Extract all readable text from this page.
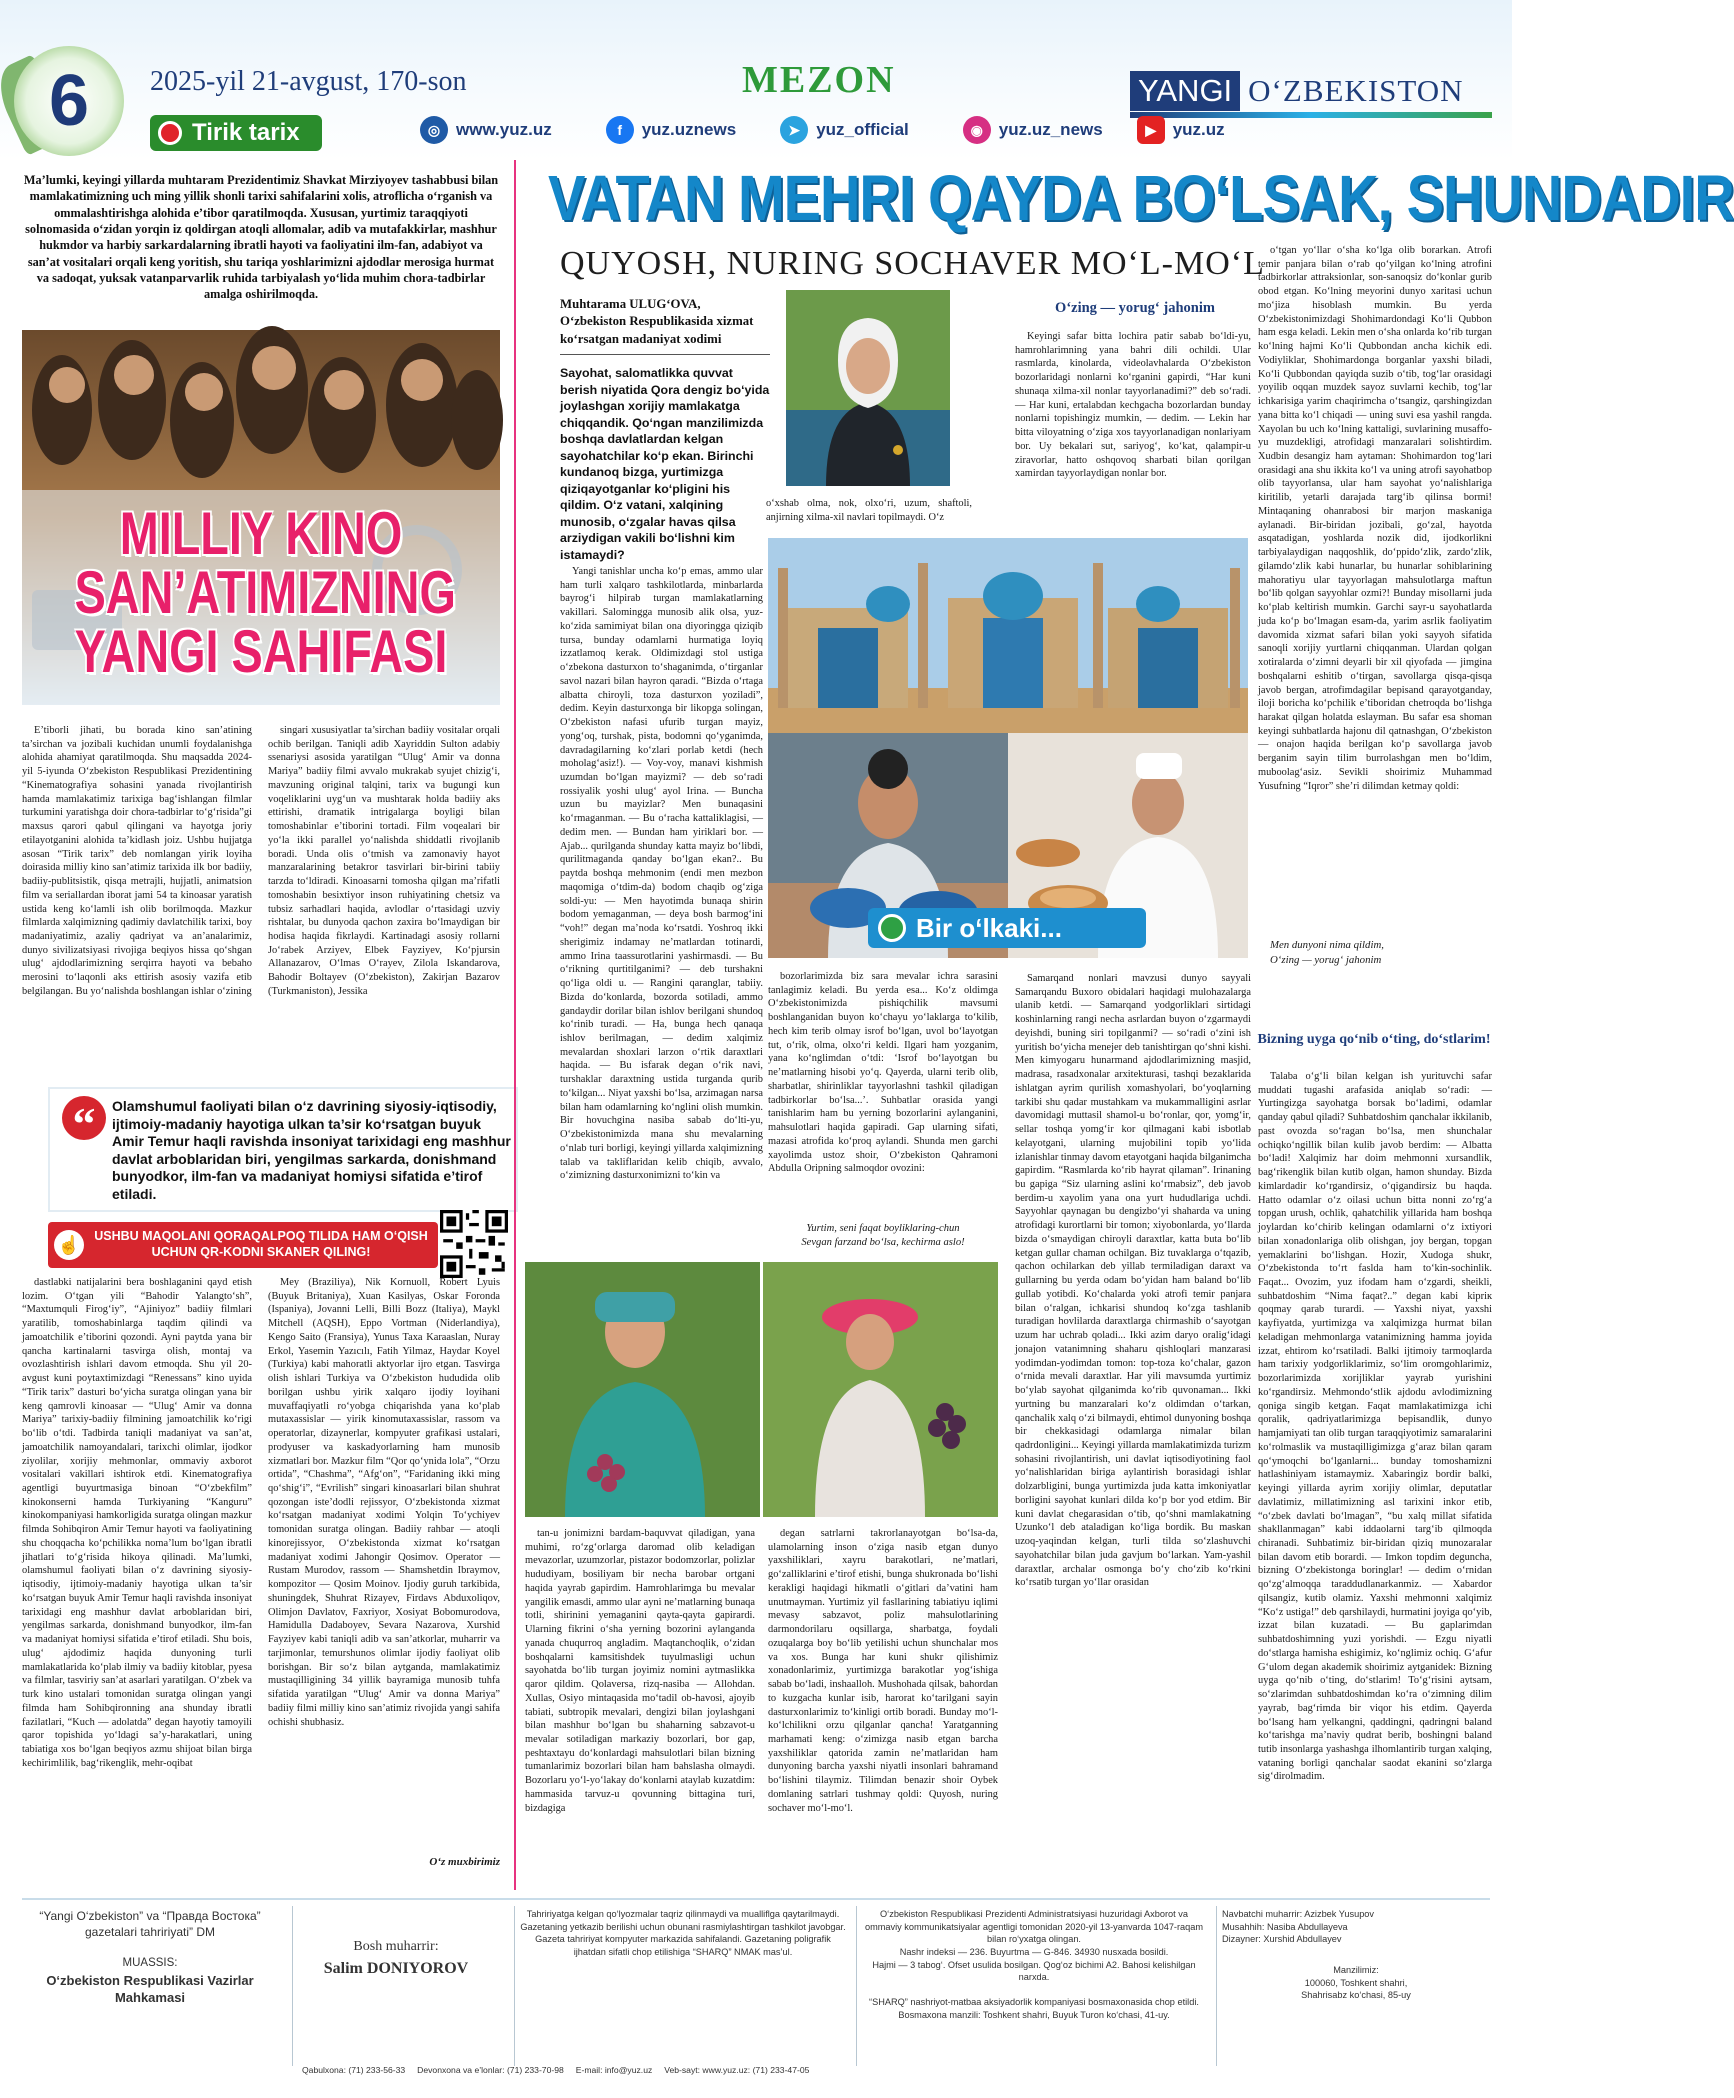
6	2025-yil 21-avgust, 170-son
Tirik tarix
MEZON	YANGI O‘ZBEKISTON
◎ www.yuz.uz	f	yuz.uznews	➤ yuz_official	◉ yuz.uz_news	▶ yuz.uz
VATAN MEHRI QAYDA BO‘LSAK, SHUNDADIR
Ma’lumki, keyingi yillarda muhtaram Prezidentimiz Shavkat Mirziyoyev tashabbusi bilan mamlakatimizning uch ming yillik shonli tarixi sahifalarini xolis, atroflicha o‘rganish va ommalashtirishga alohida e’tibor qaratilmoqda. Xususan, yurtimiz taraqqiyoti solnomasida o‘zidan yorqin iz qoldirgan atoqli allomalar, adib va mutafakkirlar, mashhur hukmdor va harbiy sarkardalarning ibratli hayoti va faoliyatini ilm-fan, adabiyot va san’at vositalari orqali keng yoritish, shu tariqa yoshlarimizni ajdodlar merosiga hurmat va sadoqat, yuksak vatanparvarlik ruhida tarbiyalash yo‘lida muhim chora-tadbirlar amalga oshirilmoqda.
MILLIY KINO
SAN’ATIMIZNING
YANGI SAHIFASI

E’tiborli jihati, bu borada kino san’atining ta’sirchan va jozibali kuchidan unumli foydalanishga alohida ahamiyat qaratilmoqda. Shu maqsadda 2024-yil 5-iyunda O‘zbekiston Respublikasi Prezidentining “Kinematografiya sohasini yanada rivojlantirish hamda mamlakatimiz tarixiga bag‘ishlangan filmlar turkumini yaratishga doir chora-tadbirlar to‘g‘risida”gi maxsus qarori qabul qilingani va hayotga joriy etilayotganini alohida ta’kidlash joiz. Ushbu hujjatga asosan “Tirik tarix” deb nomlangan yirik loyiha doirasida milliy kino san’atimiz tarixida ilk bor badiiy, badiiy-publitsistik, qisqa metrajli, hujjatli, animatsion film va seriallardan iborat jami 54 ta kinoasar yaratish ustida keng ko‘lamli ish olib borilmoqda. Mazkur filmlarda xalqimizning qadimiy davlatchilik tarixi, boy madaniyatimiz, azaliy qadriyat va an’analarimiz, dunyo sivilizatsiyasi rivojiga beqiyos hissa qo‘shgan ulug‘ ajdodlarimizning serqirra hayoti va bebaho merosini to‘laqonli aks ettirish asosiy vazifa etib belgilangan. Bu yo‘nalishda boshlangan ishlar o‘zining

singari xususiyatlar ta’sirchan badiiy vositalar orqali ochib berilgan. Taniqli adib Xayriddin Sulton adabiy ssenariysi asosida yaratilgan “Ulug‘ Amir va donna Mariya” badiiy filmi avvalo mukrakab syujet chizig‘i, mavzuning original talqini, tarix va bugungi kun voqeliklarini uyg‘un va mushtarak holda badiiy aks ettirishi, dramatik intrigalarga boyligi bilan tomoshabinlar e’tiborini tortadi. Film voqealari bir yo‘la ikki parallel yo‘nalishda shiddatli rivojlanib boradi. Unda olis o‘tmish va zamonaviy hayot manzaralarining betakror tasvirlari bir-birini tabiiy tarzda to‘ldiradi. Kinoasarni tomosha qilgan ma’rifatli tomoshabin besixtiyor inson ruhiyatining chetsiz va tubsiz sarhadlari haqida, avlodlar o‘rtasidagi uzviy rishtalar, bu dunyoda qachon zaxira bo‘lmaydigan bir hodisa haqida fikrlaydi. Kartinadagi asosiy rollarni Jo‘rabek Arziyev, Elbek Fayziyev, Ko‘pjursin Allanazarov, O‘lmas O‘rayev, Zilola Iskandarova, Bahodir Boltayev (O‘zbekiston), Zakirjan Bazarov (Turkmaniston), Jessika

“	Olamshumul faoliyati bilan o‘z davrining siyosiy-iqtisodiy, ijtimoiy-madaniy hayotiga ulkan ta’sir ko‘rsatgan buyuk Amir Temur haqli ravishda insoniyat tarixidagi eng mashhur davlat arboblaridan biri, yengilmas sarkarda, donishmand bunyodkor, ilm-fan va madaniyat homiysi sifatida e’tirof etiladi.
USHBU MAQOLANI QORAQALPOQ TILIDA HAM O‘QISH UCHUN QR-KODNI SKANER QILING!
☝

dastlabki natijalarini bera boshlaganini qayd etish lozim. O‘tgan yili “Bahodir Yalangto‘sh”, “Maxtumquli Firog‘iy”, “Ajiniyoz” badiiy filmlari yaratilib, tomoshabinlarga taqdim qilindi va jamoatchilik e’tiborini qozondi. Ayni paytda yana bir qancha kartinalarni tasvirga olish, montaj va ovozlashtirish ishlari davom etmoqda. Shu yil 20-avgust kuni poytaxtimizdagi “Renessans” kino uyida “Tirik tarix” dasturi bo‘yicha suratga olingan yana bir keng qamrovli kinoasar — “Ulug‘ Amir va donna Mariya” tarixiy-badiiy filmining jamoatchilik ko‘rigi bo‘lib o‘tdi. Tadbirda taniqli madaniyat va san’at, jamoatchilik namoyandalari, tarixchi olimlar, ijodkor ziyolilar, xorijiy mehmonlar, ommaviy axborot vositalari vakillari ishtirok etdi. Kinematografiya agentligi buyurtmasiga binoan “O‘zbekfilm” kinokonserni hamda Turkiyaning “Kanguru” kinokompaniyasi hamkorligida suratga olingan mazkur filmda Sohibqiron Amir Temur hayoti va faoliyatining shu choqqacha ko‘pchilikka noma’lum bo‘lgan ibratli jihatlari to‘g‘risida hikoya qilinadi. Ma’lumki, olamshumul faoliyati bilan o‘z davrining siyosiy-iqtisodiy, ijtimoiy-madaniy hayotiga ulkan ta’sir ko‘rsatgan buyuk Amir Temur haqli ravishda insoniyat tarixidagi eng mashhur davlat arboblaridan biri, yengilmas sarkarda, donishmand bunyodkor, ilm-fan va madaniyat homiysi sifatida e’tirof etiladi. Shu bois, ulug‘ ajdodimiz haqida dunyoning turli mamlakatlarida ko‘plab ilmiy va badiiy kitoblar, pyesa va filmlar, tasviriy san’at asarlari yaratilgan. O‘zbek va turk kino ustalari tomonidan suratga olingan yangi filmda ham Sohibqironning ana shunday ibratli fazilatlari, “Kuch — adolatda” degan hayotiy tamoyili qaror topishida yo‘ldagi sa’y-harakatlari, uning tabiatiga xos bo‘lgan beqiyos azmu shijoat bilan birga kechirimlilik, bag‘rikenglik, mehr-oqibat

Mey (Braziliya), Nik Kornuoll, Robert Lyuis (Buyuk Britaniya), Xuan Kasilyas, Oskar Foronda (Ispaniya), Jovanni Lelli, Billi Bozz (Italiya), Maykl Mitchell (AQSH), Eppo Vortman (Niderlandiya), Kengo Saito (Fransiya), Yunus Taxa Karaaslan, Nuray Erkol, Yasemin Yazıcılı, Fatih Yilmaz, Haydar Koyel (Turkiya) kabi mahoratli aktyorlar ijro etgan. Tasvirga olish ishlari Turkiya va O‘zbekiston hududida olib borilgan ushbu yirik xalqaro ijodiy loyihani muvaffaqiyatli ro‘yobga chiqarishda yana ko‘plab mutaxassislar — yirik kinomutaxassislar, rassom va operatorlar, dizaynerlar, kompyuter grafikasi ustalari, prodyuser va kaskadyorlarning ham munosib xizmatlari bor. Mazkur film “Qor qo‘ynida lola”, “Orzu ortida”, “Chashma”, “Afg‘on”, “Faridaning ikki ming qo‘shig‘i”, “Evrilish” singari kinoasarlari bilan shuhrat qozongan iste’dodli rejissyor, O‘zbekistonda xizmat ko‘rsatgan madaniyat xodimi Yolqin To‘ychiyev tomonidan suratga olingan. Badiiy rahbar — atoqli kinorejissyor, O‘zbekistonda xizmat ko‘rsatgan madaniyat xodimi Jahongir Qosimov. Operator — Rustam Murodov, rassom — Shamshetdin Ibraymov, kompozitor — Qosim Moinov. Ijodiy guruh tarkibida, shuningdek, Shuhrat Rizayev, Firdavs Abduxoliqov, Olimjon Davlatov, Faxriyor, Xosiyat Bobomurodova, Hamidulla Dadaboyev, Sevara Nazarova, Xurshid Fayziyev kabi taniqli adib va san’atkorlar, muharrir va tarjimonlar, temurshunos olimlar ijodiy faoliyat olib borishgan. Bir so‘z bilan aytganda, mamlakatimiz mustaqilligining 34 yillik bayramiga munosib tuhfa sifatida yaratilgan “Ulug‘ Amir va donna Mariya” badiiy filmi milliy kino san’atimiz rivojida yangi sahifa ochishi shubhasiz.

O‘z muxbirimiz
QUYOSH, NURING SOCHAVER MO‘L-MO‘L
Muhtarama ULUG‘OVA,
O‘zbekiston Respublikasida xizmat ko‘rsatgan madaniyat xodimi
Sayohat, salomatlikka quvvat berish niyatida Qora dengiz bo‘yida joylashgan xorijiy mamlakatga chiqqandik. Qo‘ngan manzilimizda boshqa davlatlardan kelgan sayohatchilar ko‘p ekan. Birinchi kundanoq bizga, yurtimizga qiziqayotganlar ko‘pligini his qildim. O‘z vatani, xalqining munosib, o‘zgalar havas qilsa arziydigan vakili bo‘lishni kim istamaydi?
o‘xshab olma, nok, olxo‘ri, uzum, shaftoli, anjirning xilma-xil navlari topilmaydi. O‘z

Yangi tanishlar uncha ko‘p emas, ammo ular ham turli xalqaro tashkilotlarda, minbarlarda bayrog‘i hilpirab turgan mamlakatlarning vakillari. Salomingga munosib alik olsa, yuz-ko‘zida samimiyat bilan ona diyoringga qiziqib tursa, bunday odamlarni hurmatiga loyiq izzatlamoq kerak. Oldimizdagi stol ustiga o‘zbekona dasturxon to‘shaganimda, o‘tirganlar savol nazari bilan hayron qaradi. “Bizda o‘rtaga albatta chiroyli, toza dasturxon yoziladi”, dedim. Keyin dasturxonga bir likopga solingan, O‘zbekiston nafasi ufurib turgan mayiz, yong‘oq, turshak, pista, bodomni qo‘yganimda, davradagilarning ko‘zlari porlab ketdi (hech moholag‘asiz!). — Voy-voy, manavi kishmish uzumdan bo‘lgan mayizmi? — deb so‘radi rossiyalik yoshi ulug‘ ayol Irina. — Buncha uzun bu mayizlar? Men bunaqasini ko‘rmaganman. — Bu o‘racha kattaliklagisi, — dedim men. — Bundan ham yiriklari bor. — Ajab... qurilganda shunday katta mayiz bo‘libdi, qurilitmaganda qanday bo‘lgan ekan?.. Bu paytda boshqa mehmonim (endi men mezbon maqomiga o‘tdim-da) bodom chaqib og‘ziga soldi-yu: — Men hayotimda bunaqa shirin bodom yemaganman, — deya bosh barmog‘ini “voh!” degan ma’noda ko‘rsatdi. Yoshroq ikki sherigimiz indamay ne’matlardan totinardi, ammo Irina taassurotlarini yashirmasdi. — Bu o‘rikning qurtitilganimi? — deb turshakni qo‘liga oldi u. — Rangini qaranglar, tabiiy. Bizda do‘konlarda, bozorda sotiladi, ammo gandaydir dorilar bilan ishlov berilgani shundoq ko‘rinib turadi. — Ha, bunga hech qanaqa ishlov berilmagan, — dedim xalqimiz mevalardan shoxlari larzon o‘rtik daraxtlari haqida. — Bu isfarak degan o‘rik navi, turshaklar daraxtning ustida turganda qurib to‘kilgan... Niyat yaxshi bo‘lsa, arzimagan narsa bilan ham odamlarning ko‘nglini olish mumkin. Bir hovuchgina nasiba sabab do‘lti-yu, O‘zbekistonimizda mana shu mevalarning o‘nlab turi borligi, keyingi yillarda xalqimizning talab va takliflaridan kelib chiqib, avvalo, o‘zimizning dasturxonimizni to‘kin va

O‘zing — yorug‘ jahonim

Keyingi safar bitta lochira patir sabab bo‘ldi-yu, hamrohlarimning yana bahri dili ochildi. Ular rasmlarda, kinolarda, videolavhalarda O‘zbekiston bozorlaridagi nonlarni ko‘rganini gapirdi, “Har kuni shunaqa xilma-xil nonlar tayyorlanadimi?” deb so‘radi. — Har kuni, ertalabdan kechgacha bozorlardan bunday nonlarni topishingiz mumkin, — dedim. — Lekin har bitta viloyatning o‘ziga xos tayyorlanadigan nonlariyam bor. Uy bekalari sut, sariyog‘, ko‘kat, qalampir-u ziravorlar, hatto oshqovoq sharbati bilan qorilgan xamirdan tayyorlaydigan nonlar bor.

Bir o‘lkaki...

bozorlarimizda biz sara mevalar ichra sarasini tanlagimiz keladi. Bu yerda esa... Ko‘z oldimga O‘zbekistonimizda pishiqchilik mavsumi boshlanganidan buyon ko‘chayu yo‘laklarga to‘kilib, hech kim terib olmay isrof bo‘lgan, uvol bo‘layotgan tut, o‘rik, olma, olxo‘ri keldi. Ilgari ham yozganim, yana ko‘nglimdan o‘tdi: ‘Isrof bo‘layotgan bu ne’matlarning hisobi yo‘q. Qayerda, ularni terib olib, sharbatlar, shirinliklar tayyorlashni tashkil qiladigan tadbirkorlar bo‘lsa...’. Suhbatlar orasida yangi tanishlarim ham bu yerning bozorlarini aylanganini, mahsulotlari haqida gapiradi. Gap ularning sifati, mazasi atrofida ko‘proq aylandi. Shunda men garchi xayolimda ustoz shoir, O‘zbekiston Qahramoni Abdulla Oripning salmoqdor ovozini:

Yurtim, seni faqat boyliklaring-chun
Sevgan farzand bo‘lsa, kechirma aslo!

Samarqand nonlari mavzusi dunyo sayyali Samarqandu Buxoro obidalari haqidagi mulohazalarga ulanib ketdi. — Samarqand yodgorliklari sirtidagi koshinlarning rangi necha asrlardan buyon o‘zgarmaydi deyishdi, buning siri topilganmi? — so‘radi o‘zini ish yuritish bo‘yicha menejer deb tanishtirgan qo‘shni kishi. Men kimyogaru hunarmand ajdodlarimizning masjid, madrasa, rasadxonalar arxitekturasi, tashqi bezaklarida ishlatgan ayrim qurilish xomashyolari, bo‘yoqlarning tarkibi shu qadar mustahkam va mukammalligini asrlar davomidagi muttasil shamol-u bo‘ronlar, qor, yomg‘ir, sellar toshqa yomg‘ir kor qilmagani kabi isbotlab kelayotgani, ularning mujobilini topib yo‘lida izlanishlar tinmay davom etayotgani haqida bilganimcha gapirdim. “Rasmlarda ko‘rib hayrat qilaman”. Irinaning bu gapiga “Siz ularning aslini ko‘rmabsiz”, deb javob berdim-u xayolim yana ona yurt hududlariga uchdi. Sayyohlar qaynagan bu dengizbo‘yi shaharda va uning atrofidagi kurortlarni bir tomon; xiyobonlarda, yo‘llarda bizda o‘smaydigan chiroyli daraxtlar, katta buta bo‘lib ketgan gullar chaman ochilgan. Biz tuvaklarga o‘tqazib, qachon ochilarkan deb yillab termiladigan daraxt va gullarning bu yerda odam bo‘yidan ham baland bo‘lib gullab yotibdi. Ko‘chalarda yoki atrofi temir panjara bilan o‘ralgan, ichkarisi shundoq ko‘zga tashlanib turadigan hovlilarda daraxtlarga chirmashib o‘sayotgan uzum har uchrab qoladi... Ikki azim daryo oralig‘idagi jonajon vatanimning shaharu qishloqlari manzarasi yodimdan-yodimdan tomon: top-toza ko‘chalar, gazon o‘rnida mevali daraxtlar. Har yili mavsumda yurtimiz bo‘ylab sayohat qilganimda ko‘rib quvonaman... Ikki yurtning bu manzaralari ko‘z oldimdan o‘tarkan, qanchalik xalq o‘zi bilmaydi, ehtimol dunyoning boshqa bir chekkasidagi odamlarga nimalar bilan qadrdonligini... Keyingi yillarda mamlakatimizda turizm sohasini rivojlantirish, uni davlat iqtisodiyotining faol yo‘nalishlaridan biriga aylantirish borasidagi ishlar dolzarbligini, bunga yurtimizda juda katta imkoniyatlar borligini sayohat kunlari dilda ko‘p bor yod etdim. Bir kuni davlat chegarasidan o‘tib, qo‘shni mamlakatning Uzunko‘l deb ataladigan ko‘liga bordik. Bu maskan uzoq-yaqindan kelgan, turli tilda so‘zlashuvchi sayohatchilar bilan juda gavjum bo‘larkan. Yam-yashil daraxtlar, archalar osmonga bo‘y cho‘zib ko‘rkini ko‘rsatib turgan yo‘llar orasidan

o‘tgan yo‘llar o‘sha ko‘lga olib borarkan. Atrofi temir panjara bilan o‘rab qo‘yilgan ko‘lning atrofini tadbirkorlar attraksionlar, son-sanoqsiz do‘konlar gurib obod etgan. Ko‘lning meyorini dunyo xaritasi uchun mo‘jiza hisoblash mumkin. Bu yerda O‘zbekistonimizdagi Shohimardondagi Ko‘li Qubbon ham esga keladi. Lekin men o‘sha onlarda ko‘rib turgan ko‘lning hajmi Ko‘li Qubbondan ancha kichik edi. Vodiyliklar, Shohimardonga borganlar yaxshi biladi, Ko‘li Qubbondan qayiqda suzib o‘tib, tog‘lar orasidagi yoyilib oqqan muzdek sayoz suvlarni kechib, tog‘lar ichkarisiga yarim chaqirimcha o‘tsangiz, qarshingizdan yana bitta ko‘l chiqadi — uning suvi esa yashil rangda. Xayolan bu uch ko‘lning kattaligi, suvlarining musaffo-yu muzdekligi, atrofidagi manzaralari solishtirdim. Xudbin desangiz ham aytaman: Shohimardon tog‘lari orasidagi ana shu ikkita ko‘l va uning atrofi sayohatbop olib tayyorlansa, ular ham sayohat yo‘nalishlariga kiritilib, yetarli darajada targ‘ib qilinsa bormi! Mintaqaning ohanrabosi bir marjon maskaniga aylanadi. Bir-biridan jozibali, go‘zal, hayotda asqatadigan, yoshlarda nozik did, ijodkorlikni tarbiyalaydigan naqqoshlik, do‘ppido‘zlik, zardo‘zlik, gilamdo‘zlik kabi hunarlar, bu hunarlar sohiblarining mahoratiyu ular tayyorlagan mahsulotlarga maftun bo‘lib qolgan sayyohlar ozmi?! Bunday misollarni juda ko‘plab keltirish mumkin. Garchi sayr-u sayohatlarda juda ko‘p bo‘lmagan esam-da, yarim asrlik faoliyatim davomida xizmat safari bilan yoki sayyoh sifatida sanoqli xorijiy yurtlarni chiqqanman. Ulardan qolgan xotiralarda o‘zimni deyarli bir xil qiyofada — jimgina boshqalarni eshitib o‘tirgan, savollarga qisqa-qisqa javob bergan, atrofimdagilar bepisand qarayotganday, iloji boricha ko‘pchilik e’tiboridan chetroqda bo‘lishga harakat qilgan holatda eslayman. Bu safar esa shoman keyingi suhbatlarda hajonu dil qatnashgan, O‘zbekiston — onajon haqida berilgan ko‘p savollarga javob berganim sayin tilim burrolashgan men bo‘ldim, muboolag‘asiz. Sevikli shoirimiz Muhammad Yusufning “Iqror” she’ri dilimdan ketmay qoldi:

Men dunyoni nima qildim,
O‘zing — yorug‘ jahonim
Bizning uyga qo‘nib o‘ting, do‘stlarim!

Talaba o‘g‘li bilan kelgan ish yurituvchi safar muddati tugashi arafasida aniqlab so‘radi: — Yurtingizga sayohatga borsak bo‘ladimi, odamlar qanday qabul qiladi? Suhbatdoshim qanchalar ikkilanib, past ovozda so‘ragan bo‘lsa, men shunchalar ochiqko‘ngillik bilan kulib javob berdim: — Albatta bo‘ladi! Xalqimiz har doim mehmonni xursandlik, bag‘rikenglik bilan kutib olgan, hamon shunday. Bizda kimlardadir ko‘rgandirsiz, o‘qigandirsiz bu haqda. Hatto odamlar o‘z oilasi uchun bitta nonni zo‘rg‘a topgan urush, ochlik, qahatchilik yillarida ham boshqa joylardan ko‘chirib kelingan odamlarni o‘z ixtiyori bilan xonadonlariga olib olishgan, joy bergan, topgan yemaklarini bo‘lishgan. Hozir, Xudoga shukr, O‘zbekistonda to‘rt fasldа ham to‘kin-sochinlik. Faqat... Ovozim, yuz ifodam ham o‘zgardi, sheikli, suhbatdoshim “Nima faqat?..” degan kabi kipriк qoqmay qarab turardi. — Yaxshi niyat, yaxshi kayfiyatda, yurtimizga va xalqimizga hurmat bilan keladigan mehmonlarga vatanimizning hamma joyida izzat, ehtirom ko‘rsatiladi. Balki ijtimoiy tarmoqlarda ham tarixiy yodgorliklarimiz, so‘lim oromgohlarimiz, bozorlarimizda xorijliklar yayrab yurishini ko‘rgandirsiz. Mehmondo‘stlik ajdodu avlodimizning qoniga singib ketgan. Faqat mamlakatimizga ichi qoralik, qadriyatlarimizga bepisandlik, dunyo hamjamiyati tan olib turgan taraqqiyotimiz samaralarini ko‘rolmaslik va mustaqilligimizga g‘araz bilan qaram qo‘ymoqchi bo‘lganlarni... bunday tomoshamizni hatlashiniyam istamaymiz. Xabaringiz bordir balki, keyingi yillarda ayrim xorijiy olimlar, deputatlar davlatimiz, millatimizning asl tarixini inkor etib, “o‘zbek davlati bo‘lmagan”, “bu xalq millat sifatida shakllanmagan” kabi iddaolarni targ‘ib qilmoqda chiranadi. Suhbatimiz bir-biridan qiziq munozaralar bilan davom etib borardi. — Imkon topdim deguncha, bizning O‘zbekistonga boringlar! — dedim o‘rnidan qo‘zg‘almoqqa taraddudlanarkanmiz. — Xabardor qilsangiz, kutib olamiz. Yaxshi mehmonni xalqimiz “Ko‘z ustiga!” deb qarshilaydi, hurmatini joyiga qo‘yib, izzat bilan kuzatadi. — Bu gaplarimdan suhbatdoshimning yuzi yorishdi. — Ezgu niyatli do‘stlarga hamisha eshigimiz, ko‘nglimiz ochiq. G‘afur G‘ulom degan akademik shoirimiz aytganidek: Bizning uyga qo‘nib o‘ting, do‘stlarim! To‘g‘risini aytsam, so‘zlarimdan suhbatdoshimdan ko‘ra o‘zimning dilim yayrab, bag‘rimda bir viqor his etdim. Qayerda bo‘lsang ham yelkangni, qaddingni, qadringni baland ko‘tarishga ma’naviy qudrat berib, boshingni baland tutib insonlarga yashashga ilhomlantirib turgan xalqing, vataning borligi qanchalar saodat ekanini so‘zlarga sig‘dirolmadim.

tan-u jonimizni bardam-baquvvat qiladigan, yana muhimi, ro‘zg‘orlarga daromad olib keladigan mevazorlar, uzumzorlar, pistazor bodomzorlar, polizlar hududiyam, bosiliyam bir necha barobar ortgani haqida yayrab gapirdim. Hamrohlarimga bu mevalar yangilik emasdi, ammo ular ayni ne’matlarning bunaqa totli, shirinini yemaganini qayta-qayta gapirardi. Ularning fikrini o‘sha yerning bozorini aylanganda yanada chuqurroq angladim. Maqtanchoqlik, o‘zidan boshqalarni kamsitishdek tuyulmasligi uchun sayohatda bo‘lib turgan joyimiz nomini aytmaslikka qaror qildim. Qolaversa, rizq-nasiba — Allohdan. Xullas, Osiyo mintaqasida mo‘tadil ob-havosi, ajoyib tabiati, subtropik mevalari, dengizi bilan joylashgani bilan mashhur bo‘lgan bu shaharning sabzavot-u mevalar sotiladigan markaziy bozorlari, bor gap, peshtaxtayu do‘konlardagi mahsulotlari bilan bizning tumanlarimiz bozorlari bilan ham bahslasha olmaydi. Bozorlaru yo‘l-yo‘lakay do‘konlarni ataylab kuzatdim: hammasida tarvuz-u qovunning bittagina turi, bizdagiga

degan satrlarni takrorlanayotgan bo‘lsa-da, ulamolarning inson o‘ziga nasib etgan dunyo yaxshiliklari, xayru barakotlari, ne’matlari, go‘zalliklarini e’tirof etishi, bunga shukronada bo‘lishi kerakligi haqidagi hikmatli o‘gitlari da’vatini ham unutmayman. Yurtimiz yil fasllarining tabiatiyu iqlimi mevasy sabzavot, poliz mahsulotlarining darmondorilaru oqsillarga, sharbatga, foydali ozuqalarga boy bo‘lib yetilishi uchun shunchalar mos va xos. Bunga har kuni shukr qilishimiz xonadonlarimiz, yurtimizga barakotlar yog‘ishiga sabab bo‘ladi, inshaalloh. Mushohada qilsak, bahordan to kuzgacha kunlar isib, harorat ko‘tarilgani sayin dasturxonlarimiz to‘kinligi ortib boradi. Bunday mo‘l-ko‘lchilikni orzu qilganlar qancha! Yaratganning marhamati keng: o‘zimizga nasib etgan barcha yaxshiliklar qatorida zamin ne’matlaridan ham dunyoning barcha yaxshi niyatli insonlari bahramand bo‘lishini tilaymiz. Tilimdan benazir shoir Oybek domlaning satrlari tushmay qoldi: Quyosh, nuring sochaver mo‘l-mo‘l.

“Yangi O‘zbekiston” va “Правда Востока” gazetalari tahririyati” DM
MUASSIS:
O‘zbekiston Respublikasi Vazirlar Mahkamasi
Bosh muharrir:
Salim DONIYOROV
Tahririyatga kelgan qo‘lyozmalar taqriz qilinmaydi va mualliflga qaytarilmaydi. Gazetaning yetkazib berilishi uchun obunani rasmiylashtirgan tashkilot javobgar. Gazeta tahririyat kompyuter markazida sahifalandi. Gazetaning poligrafik ijhatdan sifatli chop etilishiga “SHARQ” NMAK mas’ul.
O‘zbekiston Respublikasi Prezidenti Administratsiyasi huzuridagi Axborot va ommaviy kommunikatsiyalar agentligi tomonidan 2020-yil 13-yanvarda 1047-raqam bilan ro‘yxatga olingan.
Nashr indeksi — 236. Buyurtma — G-846. 34930 nusxada bosildi.
Hajmi — 3 tabog‘. Ofset usulida bosilgan. Qog‘oz bichimi A2. Bahosi kelishilgan narxda.
“SHARQ” nashriyot-matbaa aksiyadorlik kompaniyasi bosmaxonasida chop etildi. Bosmaxona manzili: Toshkent shahri, Buyuk Turon ko‘chasi, 41-uy.
Navbatchi muharrir: Azizbek Yusupov
Musahhih: Nasiba Abdullayeva
Dizayner: Xurshid Abdullayev
Manzilimiz:
100060, Toshkent shahri, Shahrisabz ko‘chasi, 85-uy
Qabulxona: (71) 233-56-33     Devonxona va e’lonlar: (71) 233-70-98     E-mail: info@yuz.uz     Veb-sayt: www.yuz.uz: (71) 233-47-05
